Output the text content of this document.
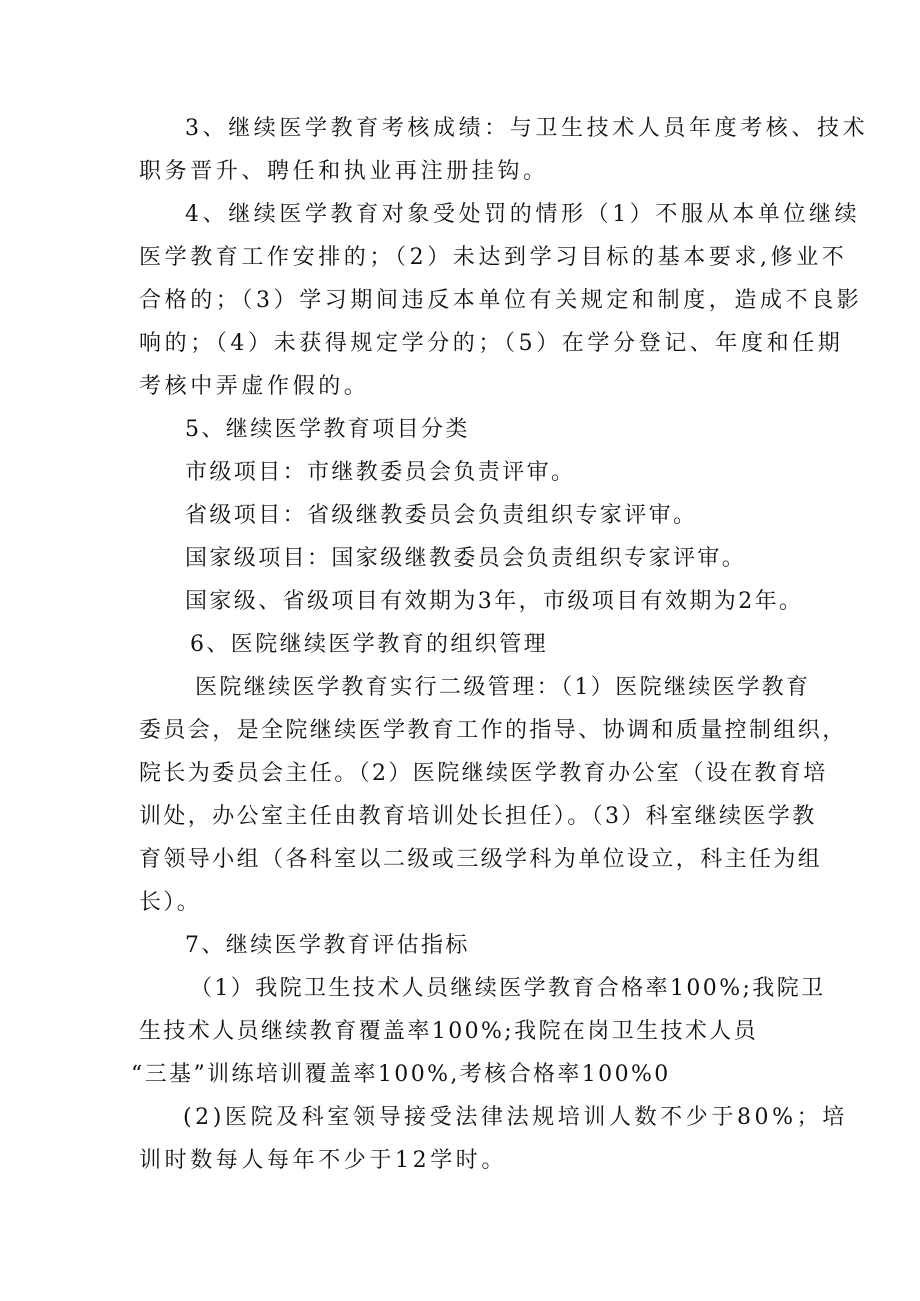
3、继续医学教育考核成绩：与卫生技术人员年度考核、技术
职务晋升、聘任和执业再注册挂钩。
4、继续医学教育对象受处罚的情形（1）不服从本单位继续
医学教育工作安排的；（2）未达到学习目标的基本要求,修业不
合格的；（3）学习期间违反本单位有关规定和制度，造成不良影
响的；（4）未获得规定学分的；（5）在学分登记、年度和任期
考核中弄虚作假的。
5、继续医学教育项目分类
市级项目：市继教委员会负责评审。
省级项目：省级继教委员会负责组织专家评审。
国家级项目：国家级继教委员会负责组织专家评审。
国家级、省级项目有效期为3年，市级项目有效期为2年。
6、医院继续医学教育的组织管理
医院继续医学教育实行二级管理：（1）医院继续医学教育
委员会，是全院继续医学教育工作的指导、协调和质量控制组织，
院长为委员会主任。（2）医院继续医学教育办公室（设在教育培
训处，办公室主任由教育培训处长担任）。（3）科室继续医学教
育领导小组（各科室以二级或三级学科为单位设立，科主任为组
长）。
7、继续医学教育评估指标
（1）我院卫生技术人员继续医学教育合格率100%;我院卫
生技术人员继续教育覆盖率100%;我院在岗卫生技术人员
“三基”训练培训覆盖率100%,考核合格率100%0
(2)医院及科室领导接受法律法规培训人数不少于80%；培
训时数每人每年不少于12学时。
